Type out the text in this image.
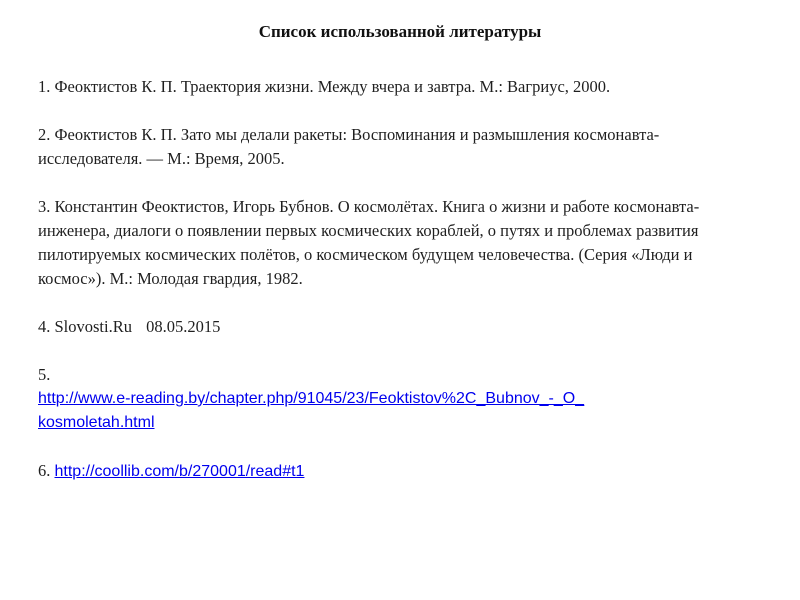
Список использованной литературы

1. Феоктистов К. П. Траектория жизни. Между вчера и завтра. М.: Вагриус, 2000.

2. Феоктистов К. П. Зато мы делали ракеты: Воспоминания и размышления космонавта-исследователя. — М.: Время, 2005.

3. Константин Феоктистов, Игорь Бубнов. О космолётах. Книга о жизни и работе космонавта-инженера, диалоги о появлении первых космических кораблей, о путях и проблемах развития пилотируемых космических полётов, о космическом будущем человечества. (Серия «Люди и космос»). М.: Молодая гвардия, 1982.

4. Slovosti.Ru 08.05.2015

5.
http://www.e-reading.by/chapter.php/91045/23/Feoktistov%2C_Bubnov_-_O_
kosmoletah.html

6. http://coollib.com/b/270001/read#t1
